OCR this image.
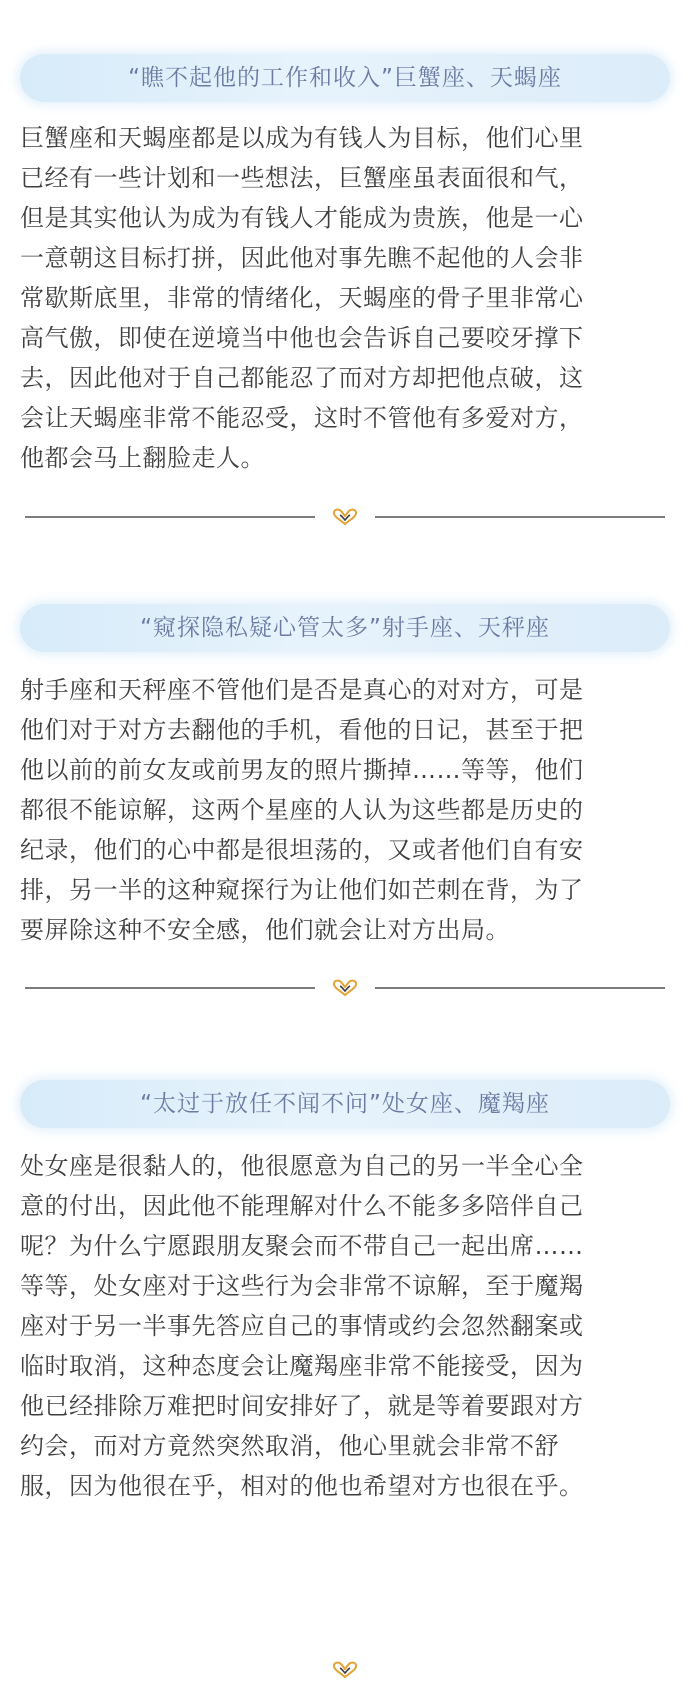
“瞧不起他的工作和收入”巨蟹座、天蝎座
巨蟹座和天蝎座都是以成为有钱人为目标，他们心里
已经有一些计划和一些想法，巨蟹座虽表面很和气，
但是其实他认为成为有钱人才能成为贵族，他是一心
一意朝这目标打拼，因此他对事先瞧不起他的人会非
常歇斯底里，非常的情绪化，天蝎座的骨子里非常心
高气傲，即使在逆境当中他也会告诉自己要咬牙撑下
去，因此他对于自己都能忍了而对方却把他点破，这
会让天蝎座非常不能忍受，这时不管他有多爱对方，
他都会马上翻脸走人。
“窥探隐私疑心管太多”射手座、天秤座
射手座和天秤座不管他们是否是真心的对对方，可是
他们对于对方去翻他的手机，看他的日记，甚至于把
他以前的前女友或前男友的照片撕掉……等等，他们
都很不能谅解，这两个星座的人认为这些都是历史的
纪录，他们的心中都是很坦荡的，又或者他们自有安
排，另一半的这种窥探行为让他们如芒刺在背，为了
要屏除这种不安全感，他们就会让对方出局。
“太过于放任不闻不问”处女座、魔羯座
处女座是很黏人的，他很愿意为自己的另一半全心全
意的付出，因此他不能理解对什么不能多多陪伴自己
呢？为什么宁愿跟朋友聚会而不带自己一起出席……
等等，处女座对于这些行为会非常不谅解，至于魔羯
座对于另一半事先答应自己的事情或约会忽然翻案或
临时取消，这种态度会让魔羯座非常不能接受，因为
他已经排除万难把时间安排好了，就是等着要跟对方
约会，而对方竟然突然取消，他心里就会非常不舒
服，因为他很在乎，相对的他也希望对方也很在乎。
